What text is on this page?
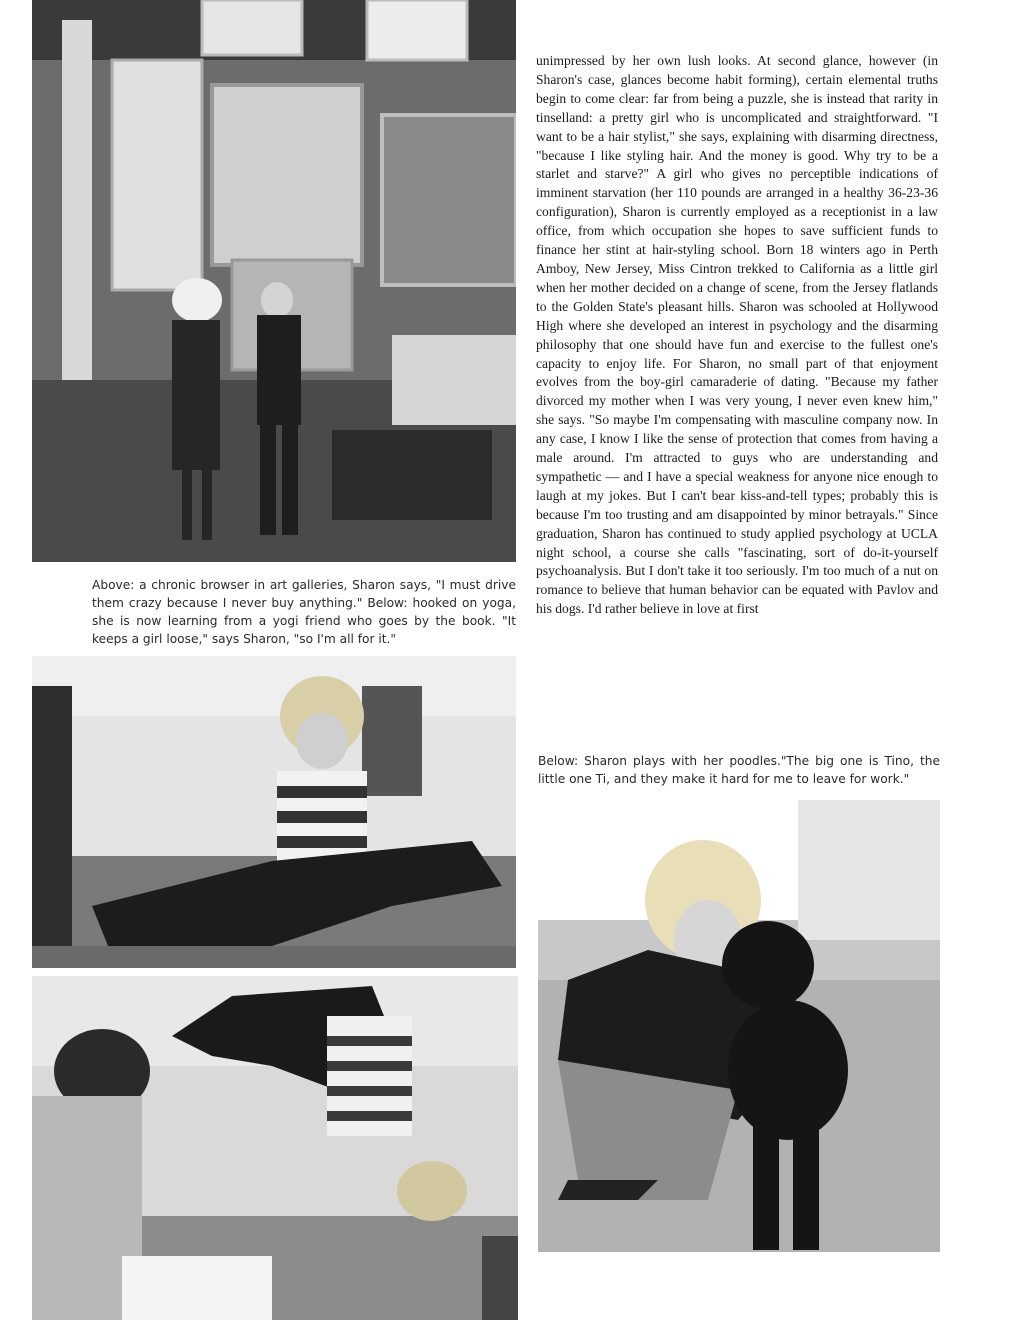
Above: a chronic browser in art galleries, Sharon says, "I must drive them crazy because I never buy anything." Below: hooked on yoga, she is now learning from a yogi friend who goes by the book. "It keeps a girl loose," says Sharon, "so I'm all for it."

unimpressed by her own lush looks. At second glance, however (in Sharon's case, glances become habit forming), certain elemental truths begin to come clear: far from being a puzzle, she is instead that rarity in tinselland: a pretty girl who is uncomplicated and straightforward. "I want to be a hair stylist," she says, explaining with disarming directness, "because I like styling hair. And the money is good. Why try to be a starlet and starve?" A girl who gives no perceptible indications of imminent starvation (her 110 pounds are arranged in a healthy 36-23-36 configuration), Sharon is currently employed as a receptionist in a law office, from which occupation she hopes to save sufficient funds to finance her stint at hair-styling school. Born 18 winters ago in Perth Amboy, New Jersey, Miss Cintron trekked to California as a little girl when her mother decided on a change of scene, from the Jersey flatlands to the Golden State's pleasant hills. Sharon was schooled at Hollywood High where she developed an interest in psychology and the disarming philosophy that one should have fun and exercise to the fullest one's capacity to enjoy life. For Sharon, no small part of that enjoyment evolves from the boy-girl camaraderie of dating. "Because my father divorced my mother when I was very young, I never even knew him," she says. "So maybe I'm compensating with masculine company now. In any case, I know I like the sense of protection that comes from having a male around. I'm attracted to guys who are understanding and sympathetic — and I have a special weakness for anyone nice enough to laugh at my jokes. But I can't bear kiss-and-tell types; probably this is because I'm too trusting and am disappointed by minor betrayals." Since graduation, Sharon has continued to study applied psychology at UCLA night school, a course she calls "fascinating, sort of do-it-yourself psychoanalysis. But I don't take it too seriously. I'm too much of a nut on romance to believe that human behavior can be equated with Pavlov and his dogs. I'd rather believe in love at first

Below: Sharon plays with her poodles."The big one is Tino, the little one Ti, and they make it hard for me to leave for work."
